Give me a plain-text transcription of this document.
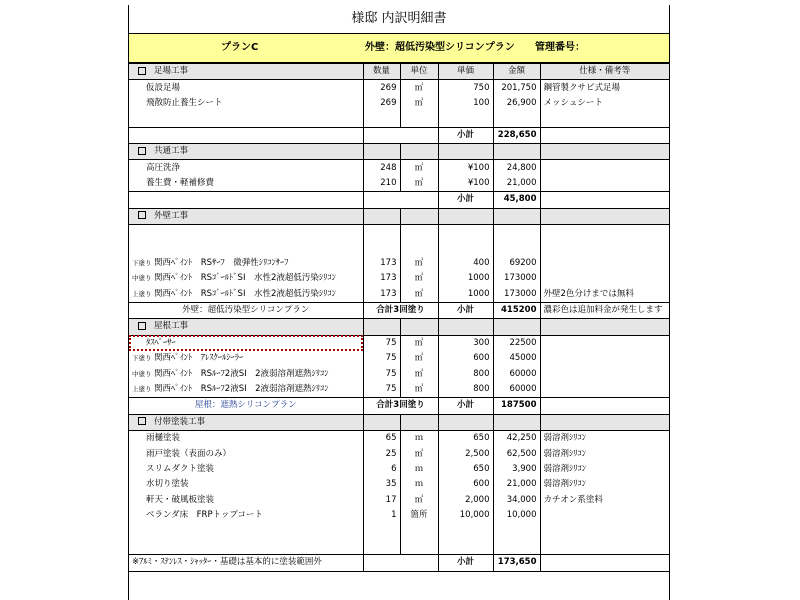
様邸 内訳明細書
プランC	外壁：超低汚染型シリコンプラン 管理番号：
足場工事	数量	単位	単価	金額	仕様・備考等
仮設足場	269	㎡	750	201,750	鋼管製クサビ式足場
飛散防止養生シート	269	㎡	100	26,900	メッシュシート

			小計	228,650	
共通工事					
高圧洗浄	248	㎡	¥100	24,800	
養生費・軽補修費	210	㎡	¥100	21,000	
			小計	45,800	
外壁工事					

下塗り 関西ﾍﾟｲﾝﾄ　RSｻｰﾌ　微弾性ｼﾘｺﾝｻｰﾌ	173	㎡	400	69200	
中塗り 関西ﾍﾟｲﾝﾄ　RSｺﾞｰﾙﾄﾞSI　水性2液超低汚染ｼﾘｺﾝ	173	㎡	1000	173000	
上塗り 関西ﾍﾟｲﾝﾄ　RSｺﾞｰﾙﾄﾞSI　水性2液超低汚染ｼﾘｺﾝ	173	㎡	1000	173000	外壁2色分けまでは無料
外壁：超低汚染型シリコンプラン	合計3回塗り		小計	415200	濃彩色は追加料金が発生します
屋根工事					
ﾀｽﾍﾟｰｻｰ	75	㎡	300	22500	
下塗り 関西ﾍﾟｲﾝﾄ　ｱﾚｽｸｰﾙｼｰﾗｰ	75	㎡	600	45000	
中塗り 関西ﾍﾟｲﾝﾄ　RSﾙｰﾌ2液SI　2液弱溶剤遮熱ｼﾘｺﾝ	75	㎡	800	60000	
上塗り 関西ﾍﾟｲﾝﾄ　RSﾙｰﾌ2液SI　2液弱溶剤遮熱ｼﾘｺﾝ	75	㎡	800	60000	
屋根：遮熱シリコンプラン	合計3回塗り		小計	187500	
付帯塗装工事					
雨樋塗装	65	ｍ	650	42,250	弱溶剤ｼﾘｺﾝ
雨戸塗装（表面のみ）	25	㎡	2,500	62,500	弱溶剤ｼﾘｺﾝ
スリムダクト塗装	6	ｍ	650	3,900	弱溶剤ｼﾘｺﾝ
水切り塗装	35	ｍ	600	21,000	弱溶剤ｼﾘｺﾝ
軒天・破風板塗装	17	㎡	2,000	34,000	カチオン系塗料
ベランダ床　FRPトップコート	1	箇所	10,000	10,000	

※ｱﾙﾐ・ｽﾃﾝﾚｽ・ｼｬｯﾀｰ・基礎は基本的に塗装範囲外			小計	173,650	
